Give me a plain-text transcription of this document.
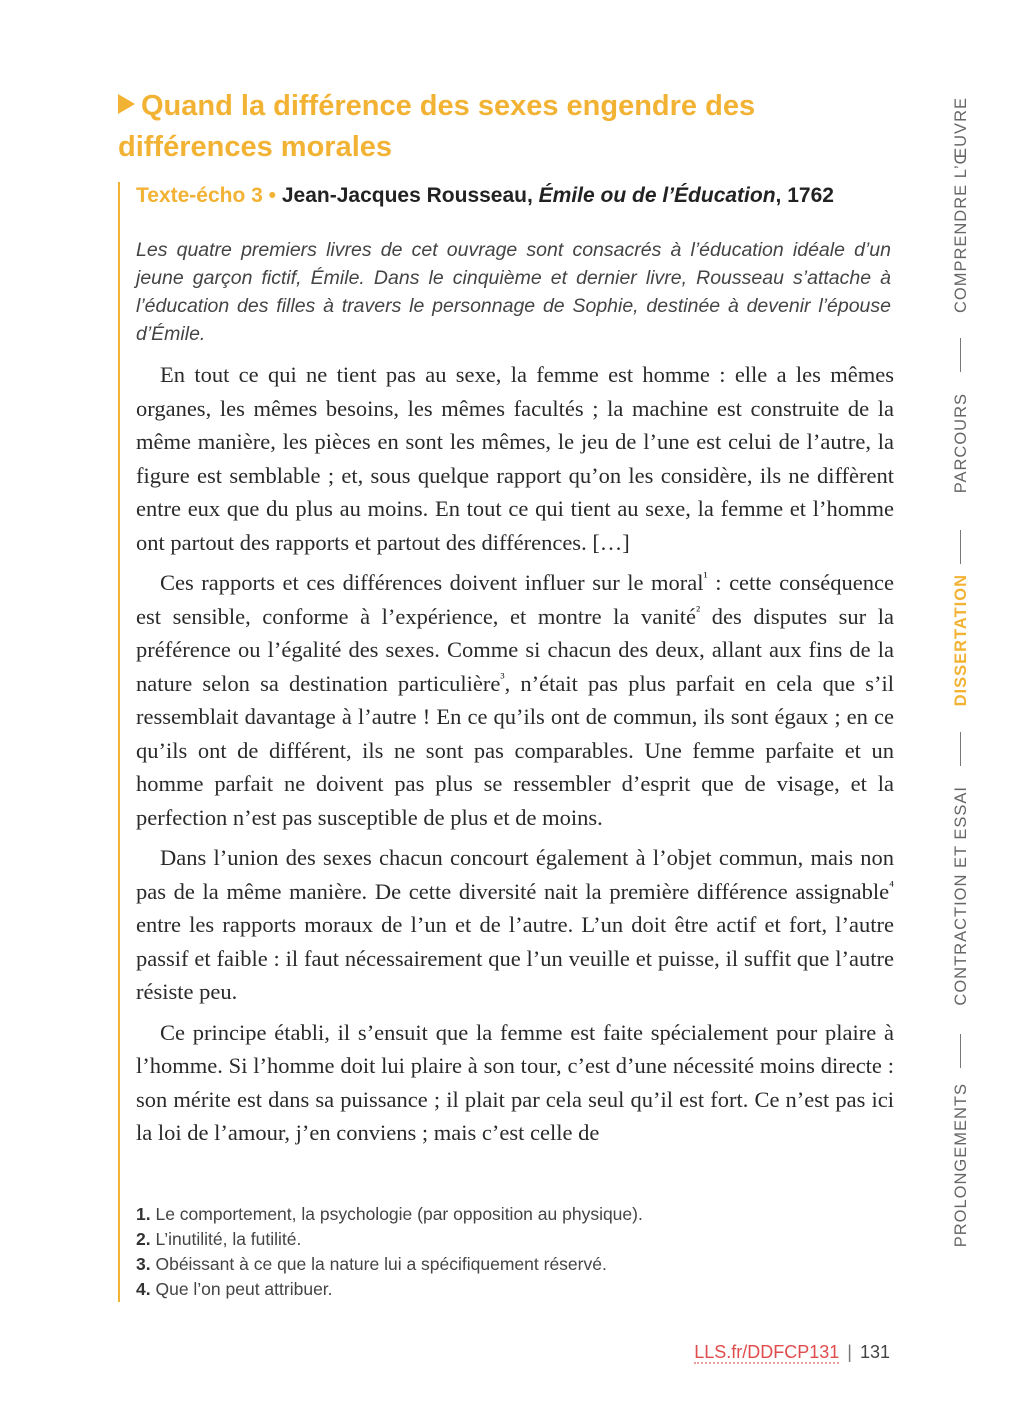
Quand la différence des sexes engendre des
différences morales
Texte-écho 3 • Jean-Jacques Rousseau, Émile ou de l’Éducation, 1762

Les quatre premiers livres de cet ouvrage sont consacrés à l’éducation idéale d’un jeune garçon fictif, Émile. Dans le cinquième et dernier livre, Rousseau s’attache à l’éducation des filles à travers le personnage de Sophie, destinée à devenir l’épouse d’Émile.

En tout ce qui ne tient pas au sexe, la femme est homme : elle a les mêmes organes, les mêmes besoins, les mêmes facultés ; la machine est construite de la même manière, les pièces en sont les mêmes, le jeu de l’une est celui de l’autre, la figure est semblable ; et, sous quelque rapport qu’on les considère, ils ne diffèrent entre eux que du plus au moins. En tout ce qui tient au sexe, la femme et l’homme ont partout des rapports et partout des différences. […]

Ces rapports et ces différences doivent influer sur le moral$^{^1}$ : cette conséquence est sensible, conforme à l’expérience, et montre la vanité$^{^2}$ des disputes sur la préférence ou l’égalité des sexes. Comme si chacun des deux, allant aux fins de la nature selon sa destination particulière$^{^3}$, n’était pas plus parfait en cela que s’il ressemblait davantage à l’autre ! En ce qu’ils ont de commun, ils sont égaux ; en ce qu’ils ont de différent, ils ne sont pas comparables. Une femme parfaite et un homme parfait ne doivent pas plus se ressembler d’esprit que de visage, et la perfection n’est pas susceptible de plus et de moins.

Dans l’union des sexes chacun concourt également à l’objet commun, mais non pas de la même manière. De cette diversité nait la première différence assignable$^{^4}$ entre les rapports moraux de l’un et de l’autre. L’un doit être actif et fort, l’autre passif et faible : il faut nécessairement que l’un veuille et puisse, il suffit que l’autre résiste peu.

Ce principe établi, il s’ensuit que la femme est faite spécialement pour plaire à l’homme. Si l’homme doit lui plaire à son tour, c’est d’une nécessité moins directe : son mérite est dans sa puissance ; il plait par cela seul qu’il est fort. Ce n’est pas ici la loi de l’amour, j’en conviens ; mais c’est celle de

1. Le comportement, la psychologie (par opposition au physique).
2. L’inutilité, la futilité.
3. Obéissant à ce que la nature lui a spécifiquement réservé.
4. Que l’on peut attribuer.
LLS.fr/DDFCP131 | 131
COMPRENDRE L’ŒUVRE
PARCOURS
DISSERTATION
CONTRACTION ET ESSAI
PROLONGEMENTS
